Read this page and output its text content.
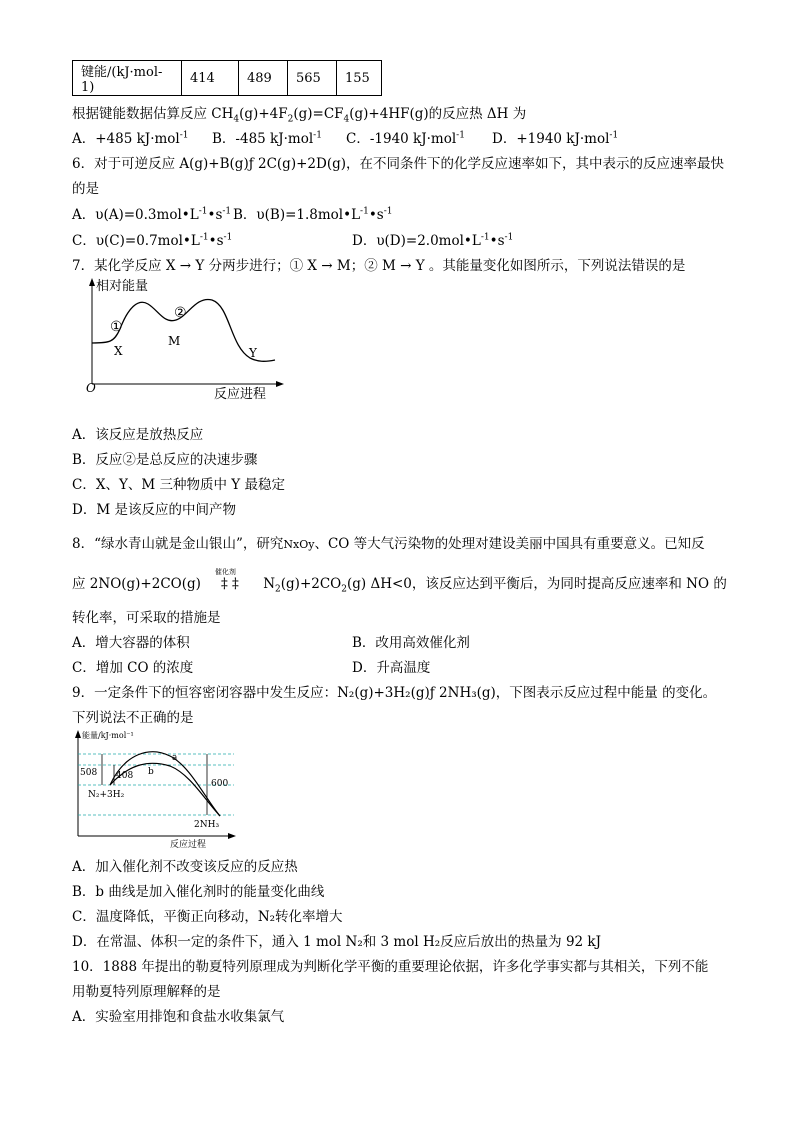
键能/(kJ·mol-1)	414	489	565	155
根据键能数据估算反应 $CH_4(g)+4F_2(g)=CF_4(g)+4HF(g)$的反应热 ΔH 为
A．+485 kJ·mol$^{-1}$ B．-485 kJ·mol$^{-1}$ C．-1940 kJ·mol$^{-1}$ D．+1940 kJ·mol$^{-1}$
6．对于可逆反应 A(g)+B(g)ƒ 2C(g)+2D(g)，在不同条件下的化学反应速率如下，其中表示的反应速率最快
的是
A．$\upsilon(A)=0.3mol•L^{-1}•s^{-1}$ B．$\upsilon(B)=1.8mol•L^{-1}•s^{-1}$
C．$\upsilon(C)=0.7mol•L^{-1}•s^{-1}$	D．$\upsilon(D)=2.0mol•L^{-1}•s^{-1}$
7．某化学反应 X → Y 分两步进行；① X → M；② M → Y 。其能量变化如图所示，下列说法错误的是
相对能量
反应进程
O
①
②
X
M
Y
A．该反应是放热反应
B．反应②是总反应的决速步骤
C．X、Y、M 三种物质中 Y 最稳定
D．M 是该反应的中间产物
8．“绿水青山就是金山银山”，研究NxOy、CO 等大气污染物的处理对建设美丽中国具有重要意义。已知反
应 2NO(g)+2CO(g)
催化剂
‡ ‡ $N_2(g)+2CO_2(g)$ ΔH<0，该反应达到平衡后，为同时提高反应速率和 NO 的
转化率，可采取的措施是
A．增大容器的体积	B．改用高效催化剂
C．增加 CO 的浓度	D．升高温度
9．一定条件下的恒容密闭容器中发生反应：N₂(g)+3H₂(g)ƒ 2NH₃(g)，下图表示反应过程中能量 的变化。
下列说法不正确的是
能量/kJ·mol⁻¹
反应过程
508 408
600
N₂+3H₂
2NH₃
a
b
A．加入催化剂不改变该反应的反应热
B．b 曲线是加入催化剂时的能量变化曲线
C．温度降低，平衡正向移动，N₂转化率增大
D．在常温、体积一定的条件下，通入 1 mol N₂和 3 mol H₂反应后放出的热量为 92 kJ
10．1888 年提出的勒夏特列原理成为判断化学平衡的重要理论依据，许多化学事实都与其相关，下列不能
用勒夏特列原理解释的是
A．实验室用排饱和食盐水收集氯气
